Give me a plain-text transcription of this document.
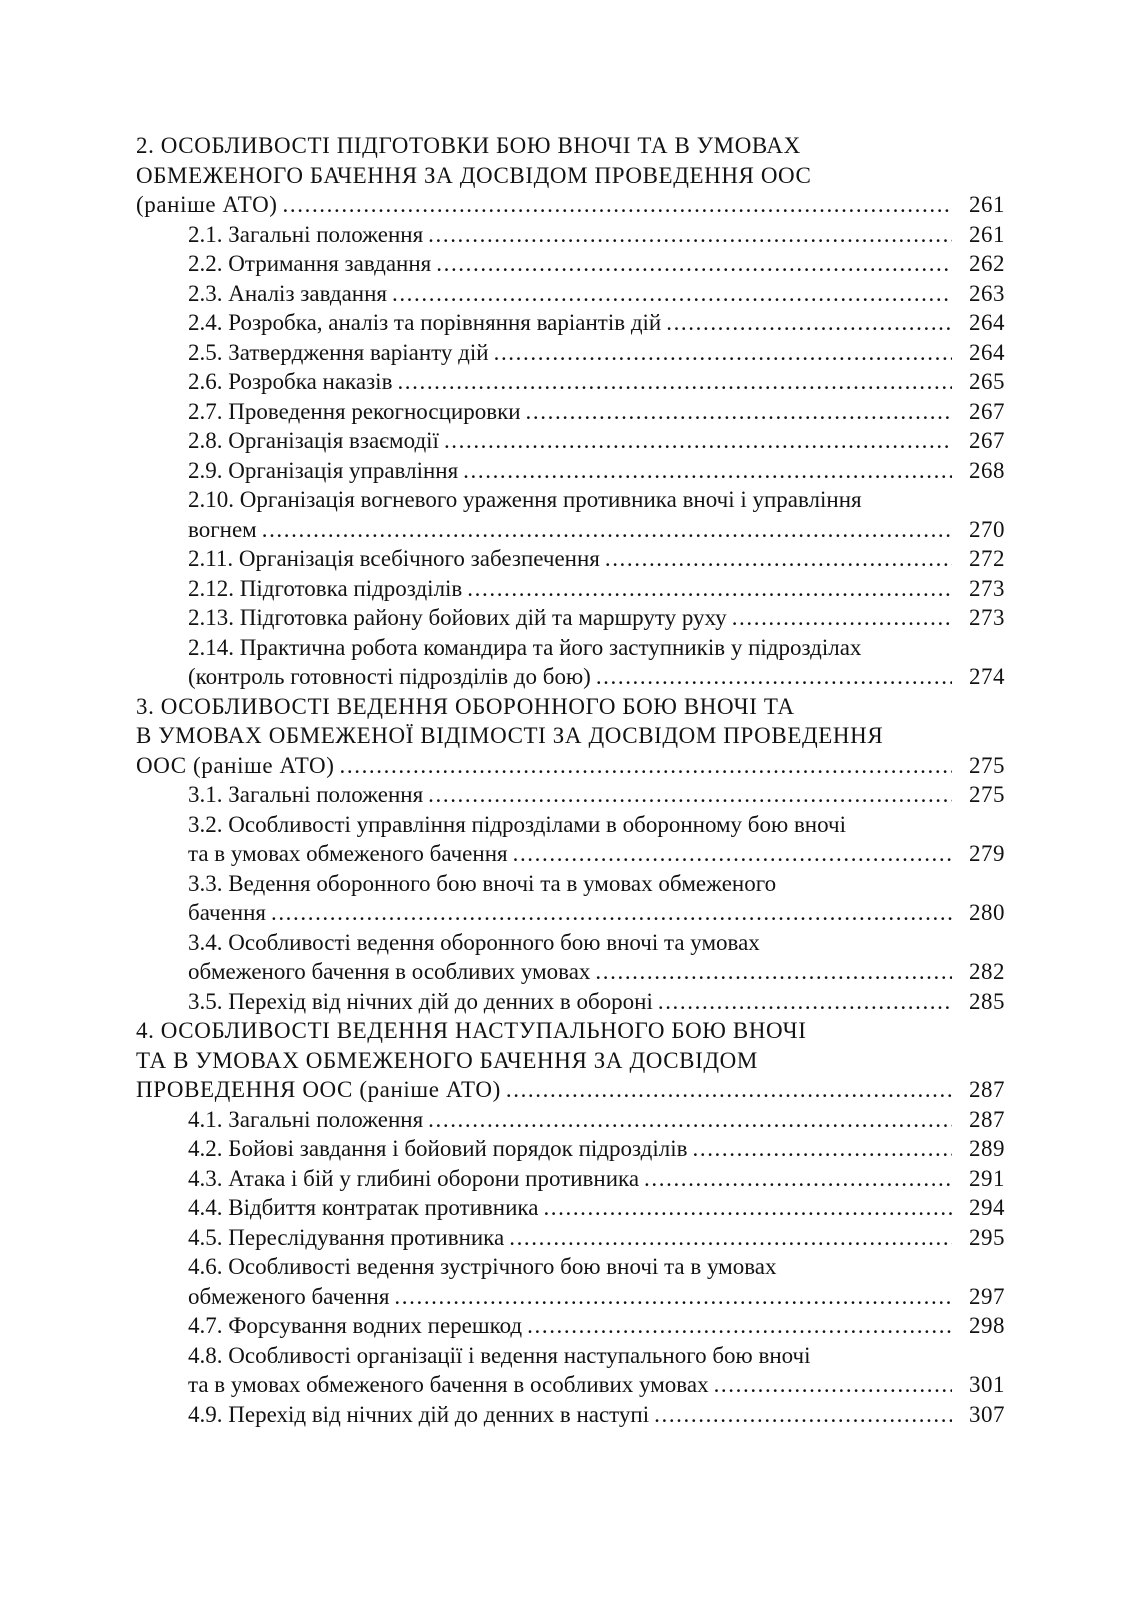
2. ОСОБЛИВОСТІ ПІДГОТОВКИ БОЮ ВНОЧІ ТА В УМОВАХ
ОБМЕЖЕНОГО БАЧЕННЯ ЗА ДОСВІДОМ ПРОВЕДЕННЯ ООС
(раніше АТО) .....	261
2.1. Загальні положення .....	261
2.2. Отримання завдання .....	262
2.3. Аналіз завдання .....	263
2.4. Розробка, аналіз та порівняння варіантів дій .....	264
2.5. Затвердження варіанту дій .....	264
2.6. Розробка наказів .....	265
2.7. Проведення рекогносцировки .....	267
2.8. Організація взаємодії .....	267
2.9. Організація управління .....	268
2.10. Організація вогневого ураження противника вночі і управління
вогнем .....	270
2.11. Організація всебічного забезпечення .....	272
2.12. Підготовка підрозділів .....	273
2.13. Підготовка району бойових дій та маршруту руху .....	273
2.14. Практична робота командира та його заступників у підрозділах
(контроль готовності підрозділів до бою) .....	274
3. ОСОБЛИВОСТІ ВЕДЕННЯ ОБОРОННОГО БОЮ ВНОЧІ ТА
В УМОВАХ ОБМЕЖЕНОЇ ВІДІМОСТІ ЗА ДОСВІДОМ ПРОВЕДЕННЯ
ООС (раніше АТО) .....	275
3.1. Загальні положення .....	275
3.2. Особливості управління підрозділами в оборонному бою вночі
та в умовах обмеженого бачення .....	279
3.3. Ведення оборонного бою вночі та в умовах обмеженого
бачення .....	280
3.4. Особливості ведення оборонного бою вночі та умовах
обмеженого бачення в особливих умовах .....	282
3.5. Перехід від нічних дій до денних в обороні .....	285
4. ОСОБЛИВОСТІ ВЕДЕННЯ НАСТУПАЛЬНОГО БОЮ ВНОЧІ
ТА В УМОВАХ ОБМЕЖЕНОГО БАЧЕННЯ ЗА ДОСВІДОМ
ПРОВЕДЕННЯ ООС (раніше АТО) .....	287
4.1. Загальні положення .....	287
4.2. Бойові завдання і бойовий порядок підрозділів .....	289
4.3. Атака і бій у глибині оборони противника .....	291
4.4. Відбиття контратак противника .....	294
4.5. Переслідування противника .....	295
4.6. Особливості ведення зустрічного бою вночі та в умовах
обмеженого бачення .....	297
4.7. Форсування водних перешкод .....	298
4.8. Особливості організації і ведення наступального бою вночі
та в умовах обмеженого бачення в особливих умовах .....	301
4.9. Перехід від нічних дій до денних в наступі .....	307
